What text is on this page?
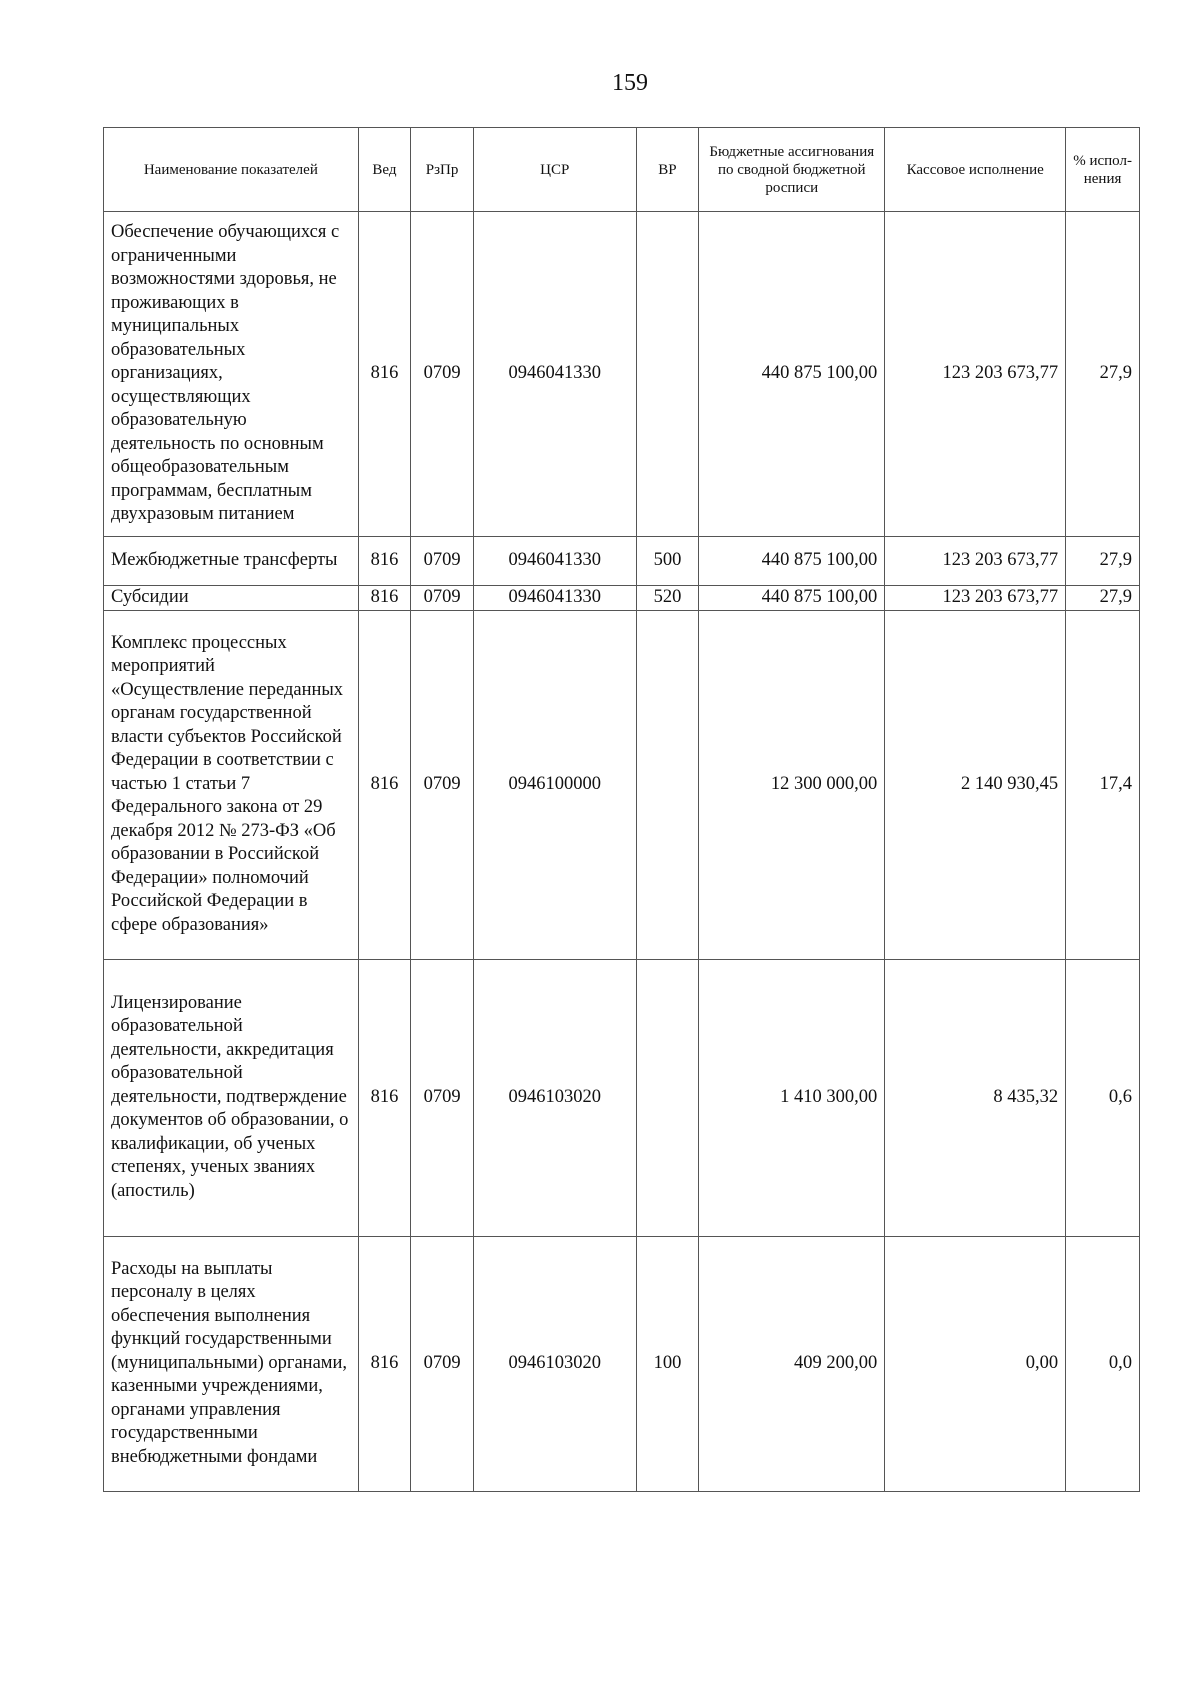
159
Наименование показателей	Вед	РзПр	ЦСР	ВР	Бюджетные ассигнования по сводной бюджетной росписи	Кассовое исполнение	% испол-нения
Обеспечение обучающихся с ограниченными возможностями здоровья, не проживающих в муниципальных образовательных организациях, осуществляющих образовательную деятельность по основным общеобразовательным программам, бесплатным двухразовым питанием	816	0709	0946041330		440 875 100,00	123 203 673,77	27,9
Межбюджетные трансферты	816	0709	0946041330	500	440 875 100,00	123 203 673,77	27,9
Субсидии	816	0709	0946041330	520	440 875 100,00	123 203 673,77	27,9
Комплекс процессных мероприятий «Осуществление переданных органам государственной власти субъектов Российской Федерации в соответствии с частью 1 статьи 7 Федерального закона от 29 декабря 2012 № 273-ФЗ «Об образовании в Российской Федерации» полномочий Российской Федерации в сфере образования»	816	0709	0946100000		12 300 000,00	2 140 930,45	17,4
Лицензирование образовательной деятельности, аккредитация образовательной деятельности, подтверждение документов об образовании, о квалификации, об ученых степенях, ученых званиях (апостиль)	816	0709	0946103020		1 410 300,00	8 435,32	0,6
Расходы на выплаты персоналу в целях обеспечения выполнения функций государственными (муниципальными) органами, казенными учреждениями, органами управления государственными внебюджетными фондами	816	0709	0946103020	100	409 200,00	0,00	0,0
